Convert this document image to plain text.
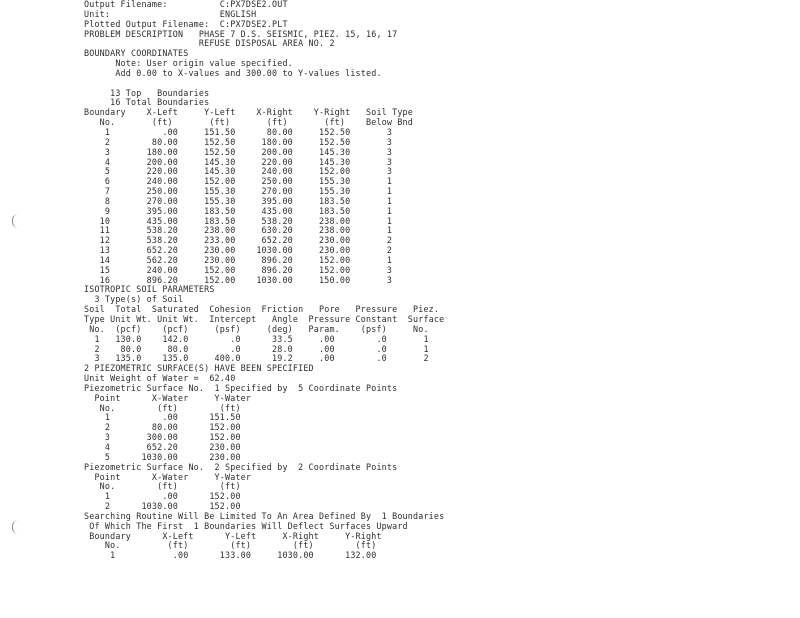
Output Filename:          C:PX7DSE2.OUT
Unit:                     ENGLISH
Plotted Output Filename:  C:PX7DSE2.PLT
PROBLEM DESCRIPTION   PHASE 7 D.S. SEISMIC, PIEZ. 15, 16, 17
REFUSE DISPOSAL AREA NO. 2
BOUNDARY COORDINATES
Note: User origin value specified.
Add 0.00 to X-values and 300.00 to Y-values listed.

13 Top   Boundaries
16 Total Boundaries
Boundary    X-Left     Y-Left    X-Right    Y-Right   Soil Type
No.       (ft)       (ft)       (ft)       (ft)    Below Bnd
1          .00     151.50      80.00     152.50       3
2        80.00     152.50     180.00     152.50       3
3       180.00     152.50     200.00     145.30       3
4       200.00     145.30     220.00     145.30       3
5       220.00     145.30     240.00     152.00       3
6       240.00     152.00     250.00     155.30       1
7       250.00     155.30     270.00     155.30       1
8       270.00     155.30     395.00     183.50       1
9       395.00     183.50     435.00     183.50       1
10       435.00     183.50     538.20     238.00       1
11       538.20     238.00     630.20     238.00       1
12       538.20     233.00     652.20     230.00       2
13       652.20     230.00    1030.00     230.00       2
14       562.20     230.00     896.20     152.00       1
15       240.00     152.00     896.20     152.00       3
16       896.20     152.00    1030.00     150.00       3
ISOTROPIC SOIL PARAMETERS
3 Type(s) of Soil
Soil  Total  Saturated  Cohesion  Friction   Pore   Pressure   Piez.
Type Unit Wt. Unit Wt.  Intercept   Angle  Pressure Constant  Surface
No.  (pcf)    (pcf)     (psf)     (deg)   Param.    (psf)     No.
1   130.0    142.0        .0      33.5     .00        .0       1
2    80.0     80.0        .0      28.0     .00        .0       1
3   135.0    135.0     400.0      19.2     .00        .0       2
2 PIEZOMETRIC SURFACE(S) HAVE BEEN SPECIFIED
Unit Weight of Water =  62.40
Piezometric Surface No.  1 Specified by  5 Coordinate Points
Point      X-Water     Y-Water
No.        (ft)        (ft)
1          .00      151.50
2        80.00      152.00
3       300.00      152.00
4       652.20      230.00
5      1030.00      230.00
Piezometric Surface No.  2 Specified by  2 Coordinate Points
Point      X-Water     Y-Water
No.        (ft)        (ft)
1          .00      152.00
2      1030.00      152.00
Searching Routine Will Be Limited To An Area Defined By  1 Boundaries
Of Which The First  1 Boundaries Will Deflect Surfaces Upward
Boundary      X-Left      Y-Left     X-Right     Y-Right
No.         (ft)        (ft)        (ft)        (ft)
1           .00      133.00     1030.00      132.00
